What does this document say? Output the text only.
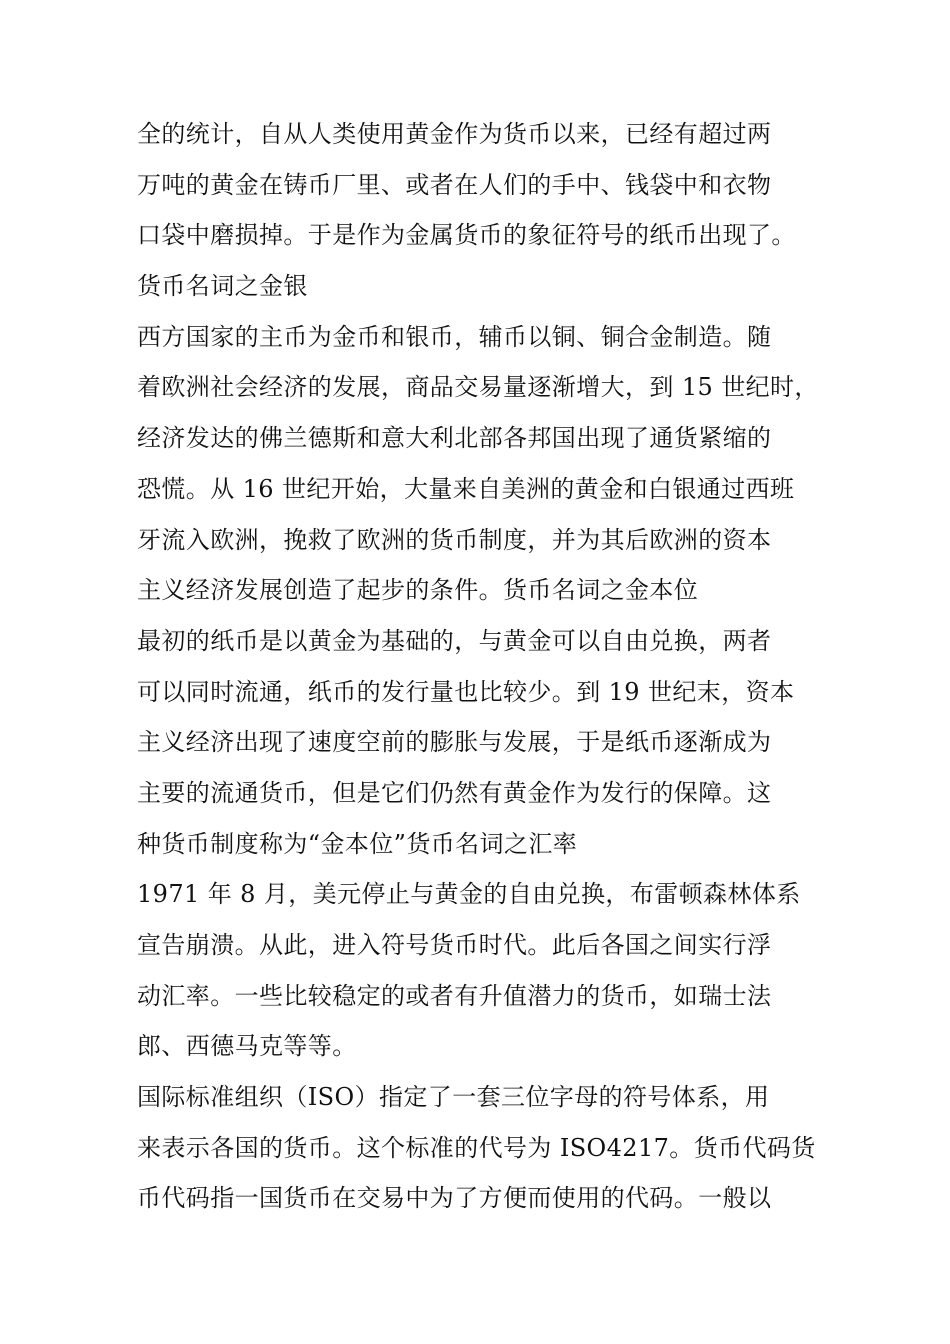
全的统计，自从人类使用黄金作为货币以来，已经有超过两
万吨的黄金在铸币厂里、或者在人们的手中、钱袋中和衣物
口袋中磨损掉。于是作为金属货币的象征符号的纸币出现了。
货币名词之金银
西方国家的主币为金币和银币，辅币以铜、铜合金制造。随
着欧洲社会经济的发展，商品交易量逐渐增大，到 15 世纪时，
经济发达的佛兰德斯和意大利北部各邦国出现了通货紧缩的
恐慌。从 16 世纪开始，大量来自美洲的黄金和白银通过西班
牙流入欧洲，挽救了欧洲的货币制度，并为其后欧洲的资本
主义经济发展创造了起步的条件。货币名词之金本位
最初的纸币是以黄金为基础的，与黄金可以自由兑换，两者
可以同时流通，纸币的发行量也比较少。到 19 世纪末，资本
主义经济出现了速度空前的膨胀与发展，于是纸币逐渐成为
主要的流通货币，但是它们仍然有黄金作为发行的保障。这
种货币制度称为“金本位”货币名词之汇率
1971 年 8 月，美元停止与黄金的自由兑换，布雷顿森林体系
宣告崩溃。从此，进入符号货币时代。此后各国之间实行浮
动汇率。一些比较稳定的或者有升值潜力的货币，如瑞士法
郎、西德马克等等。
国际标准组织（ISO）指定了一套三位字母的符号体系，用
来表示各国的货币。这个标准的代号为 ISO4217。货币代码货
币代码指一国货币在交易中为了方便而使用的代码。一般以
